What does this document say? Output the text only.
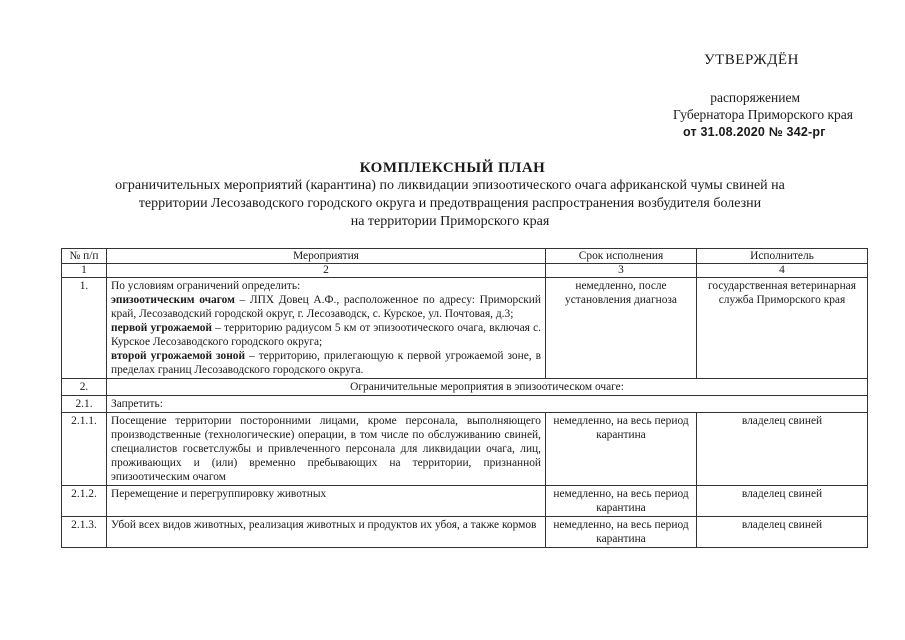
УТВЕРЖДЁН
распоряжением
Губернатора Приморского края
от 31.08.2020 № 342-рг
КОМПЛЕКСНЫЙ ПЛАН
ограничительных мероприятий (карантина) по ликвидации эпизоотического очага африканской чумы свиней на
территории Лесозаводского городского округа и предотвращения распространения возбудителя болезни
на территории Приморского края
№ п/п	Мероприятия	Срок исполнения	Исполнитель
1	2	3	4
1.	По условиям ограничений определить:
эпизоотическим очагом – ЛПХ Довец А.Ф., расположенное по адресу: Приморский край, Лесозаводский городской округ, г. Лесозаводск, с. Курское, ул. Почтовая, д.3;
первой угрожаемой – территорию радиусом 5 км от эпизоотического очага, включая с. Курское Лесозаводского городского округа;
второй угрожаемой зоной – территорию, прилегающую к первой угрожаемой зоне, в пределах границ Лесозаводского городского округа.	немедленно, после установления диагноза	государственная ветеринарная служба Приморского края
2.	Ограничительные мероприятия в эпизоотическом очаге:		
2.1.	Запретить:		
2.1.1.	Посещение территории посторонними лицами, кроме персонала, выполняющего производственные (технологические) операции, в том числе по обслуживанию свиней, специалистов госветслужбы и привлеченного персонала для ликвидации очага, лиц, проживающих и (или) временно пребывающих на территории, признанной эпизоотическим очагом	немедленно, на весь период карантина	владелец свиней
2.1.2.	Перемещение и перегруппировку животных	немедленно, на весь период карантина	владелец свиней
2.1.3.	Убой всех видов животных, реализация животных и продуктов их убоя, а также кормов	немедленно, на весь период карантина	владелец свиней
